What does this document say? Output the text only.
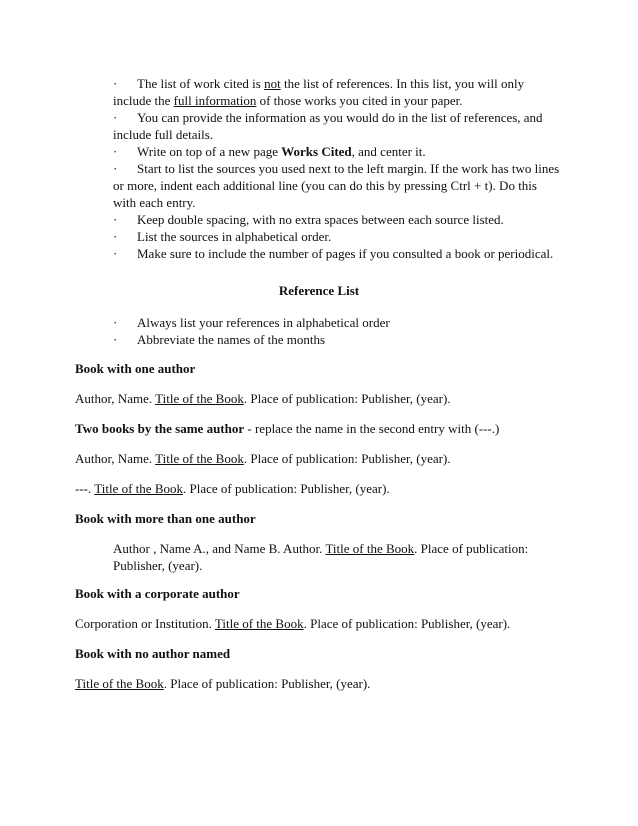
· The list of work cited is not the list of references. In this list, you will only include the full information of those works you cited in your paper.

· You can provide the information as you would do in the list of references, and include full details.

· Write on top of a new page Works Cited, and center it.

· Start to list the sources you used next to the left margin. If the work has two lines or more, indent each additional line (you can do this by pressing Ctrl + t). Do this with each entry.

· Keep double spacing, with no extra spaces between each source listed.

· List the sources in alphabetical order.

· Make sure to include the number of pages if you consulted a book or periodical.

Reference List

· Always list your references in alphabetical order

· Abbreviate the names of the months

Book with one author

Author, Name. Title of the Book. Place of publication: Publisher, (year).

Two books by the same author - replace the name in the second entry with (---.)

Author, Name. Title of the Book. Place of publication: Publisher, (year).

---. Title of the Book. Place of publication: Publisher, (year).

Book with more than one author

Author , Name A., and Name B. Author. Title of the Book. Place of publication: Publisher, (year).

Book with a corporate author

Corporation or Institution. Title of the Book. Place of publication: Publisher, (year).

Book with no author named

Title of the Book. Place of publication: Publisher, (year).
